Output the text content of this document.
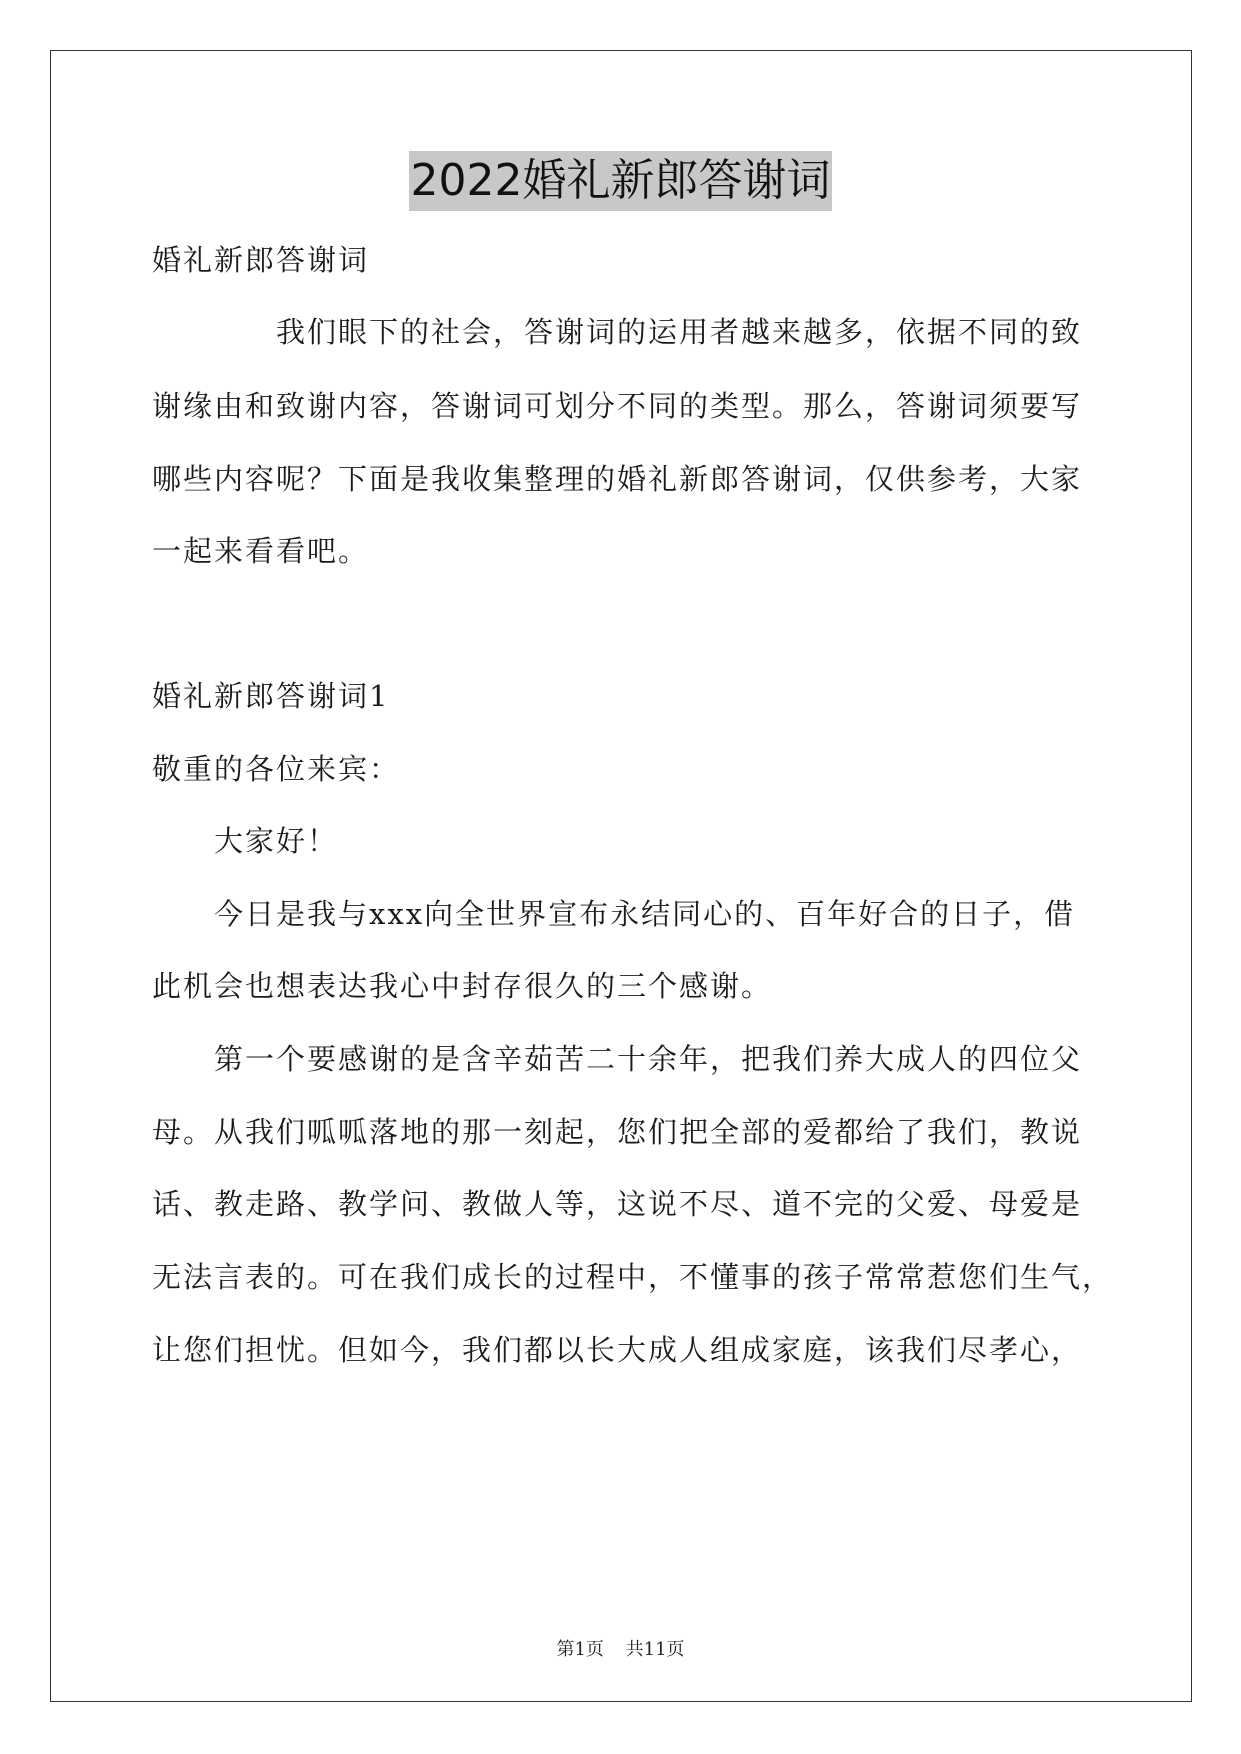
2022婚礼新郎答谢词
婚礼新郎答谢词
我们眼下的社会，答谢词的运用者越来越多，依据不同的致
谢缘由和致谢内容，答谢词可划分不同的类型。那么，答谢词须要写
哪些内容呢？下面是我收集整理的婚礼新郎答谢词，仅供参考，大家
一起来看看吧。
婚礼新郎答谢词1
敬重的各位来宾：
大家好！
今日是我与xxx向全世界宣布永结同心的、百年好合的日子，借
此机会也想表达我心中封存很久的三个感谢。
第一个要感谢的是含辛茹苦二十余年，把我们养大成人的四位父
母。从我们呱呱落地的那一刻起，您们把全部的爱都给了我们，教说
话、教走路、教学问、教做人等，这说不尽、道不完的父爱、母爱是
无法言表的。可在我们成长的过程中，不懂事的孩子常常惹您们生气，
让您们担忧。但如今，我们都以长大成人组成家庭，该我们尽孝心，
第1页 共11页
